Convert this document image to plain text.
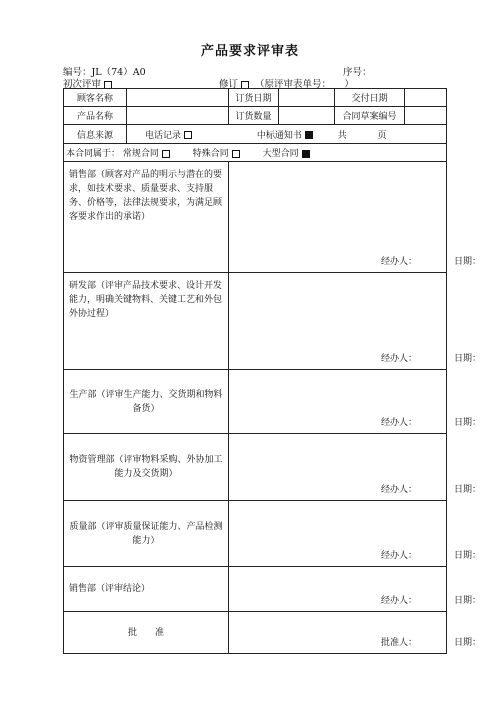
产品要求评审表
编号：JL（74）A0	序号：
初次评审	修订 （原评审表单号： ）
顾客名称		订货日期		交付日期	
产品名称		订货数量		合同草案编号	
信息来源	电话记录 中标通知书 共 页				
本合同属于： 常规合同 特殊合同 大型合同					
销售部（顾客对产品的明示与潜在的要求，如技术要求、质量要求、支持服务、价格等，法律法规要求，为满足顾客要求作出的承诺）		经办人： 日期：			

研发部（评审产品技术要求、设计开发能力，明确关键物料、关键工艺和外包外协过程）		经办人： 日期：			

生产部（评审生产能力、交货期和物料备货）		经办人： 日期：			

物资管理部（评审物料采购、外协加工能力及交货期）		经办人： 日期：			

质量部（评审质量保证能力、产品检测能力）		经办人： 日期：			

销售部（评审结论）		经办人： 日期：			

批　　准		批准人： 日期：			
